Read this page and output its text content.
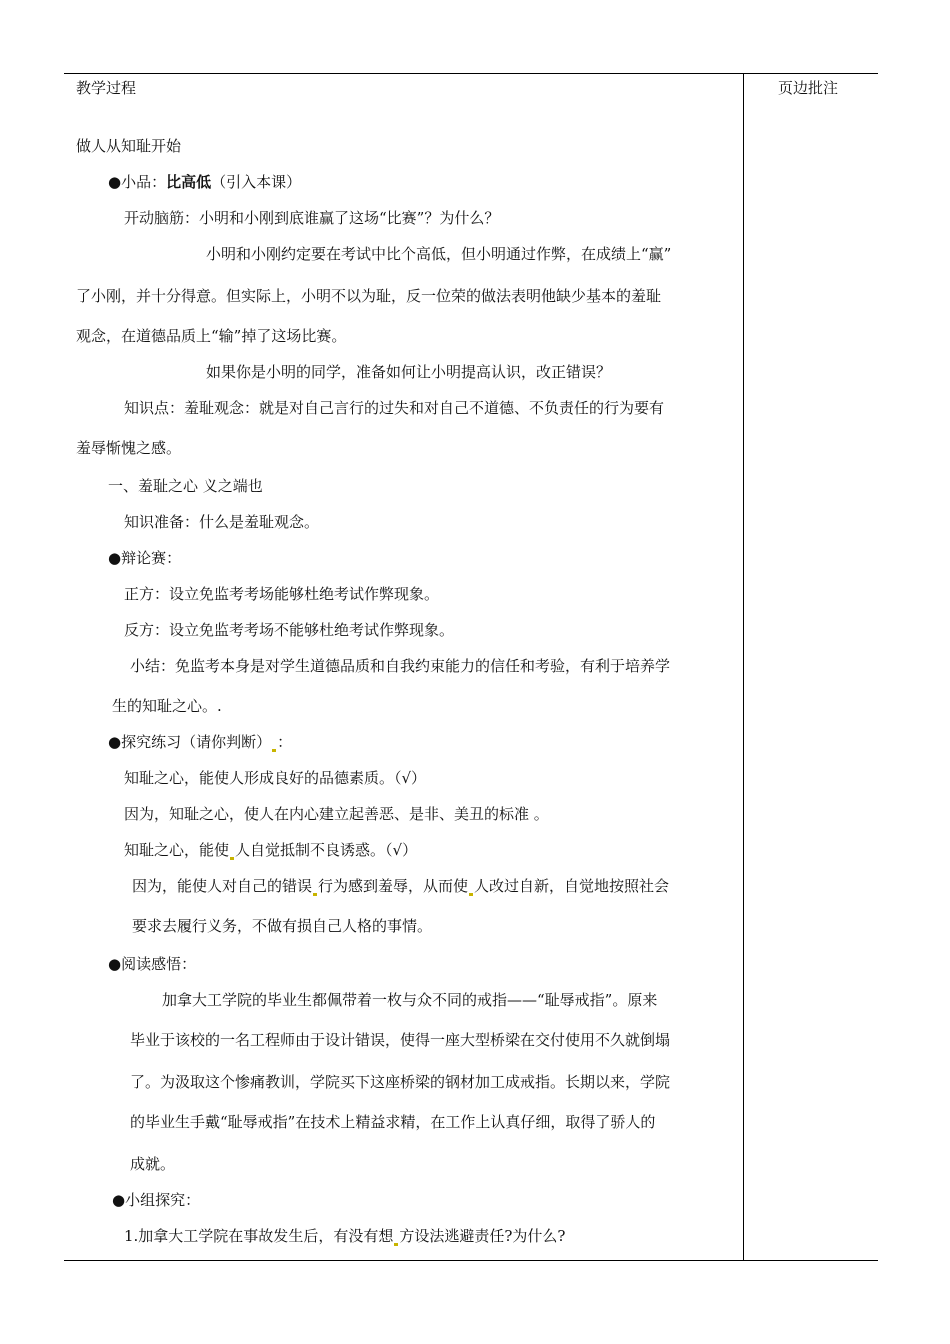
教学过程	页边批注
做人从知耻开始
●小品：比高低（引入本课）
开动脑筋：小明和小刚到底谁赢了这场“比赛”？为什么？
小明和小刚约定要在考试中比个高低，但小明通过作弊，在成绩上“赢”
了小刚，并十分得意。但实际上，小明不以为耻，反一位荣的做法表明他缺少基本的羞耻
观念，在道德品质上“输”掉了这场比赛。
如果你是小明的同学，准备如何让小明提高认识，改正错误？
知识点：羞耻观念：就是对自己言行的过失和对自己不道德、不负责任的行为要有
羞辱惭愧之感。
一、羞耻之心 义之端也
知识准备：什么是羞耻观念。
●辩论赛：
正方：设立免监考考场能够杜绝考试作弊现象。
反方：设立免监考考场不能够杜绝考试作弊现象。
小结：免监考本身是对学生道德品质和自我约束能力的信任和考验，有利于培养学
生的知耻之心。.
●探究练习（请你判断） ：
知耻之心，能使人形成良好的品德素质。（√）
因为，知耻之心，使人在内心建立起善恶、是非、美丑的标准 。
知耻之心，能使 人自觉抵制不良诱惑。（√）
因为，能使人对自己的错误 行为感到羞辱，从而使 人改过自新，自觉地按照社会
要求去履行义务，不做有损自己人格的事情。
●阅读感悟：
加拿大工学院的毕业生都佩带着一枚与众不同的戒指——“耻辱戒指”。原来
毕业于该校的一名工程师由于设计错误，使得一座大型桥梁在交付使用不久就倒塌
了。为汲取这个惨痛教训，学院买下这座桥梁的钢材加工成戒指。长期以来，学院
的毕业生手戴“耻辱戒指”在技术上精益求精，在工作上认真仔细，取得了骄人的
成就。
●小组探究：
1.加拿大工学院在事故发生后，有没有想 方设法逃避责任?为什么?
